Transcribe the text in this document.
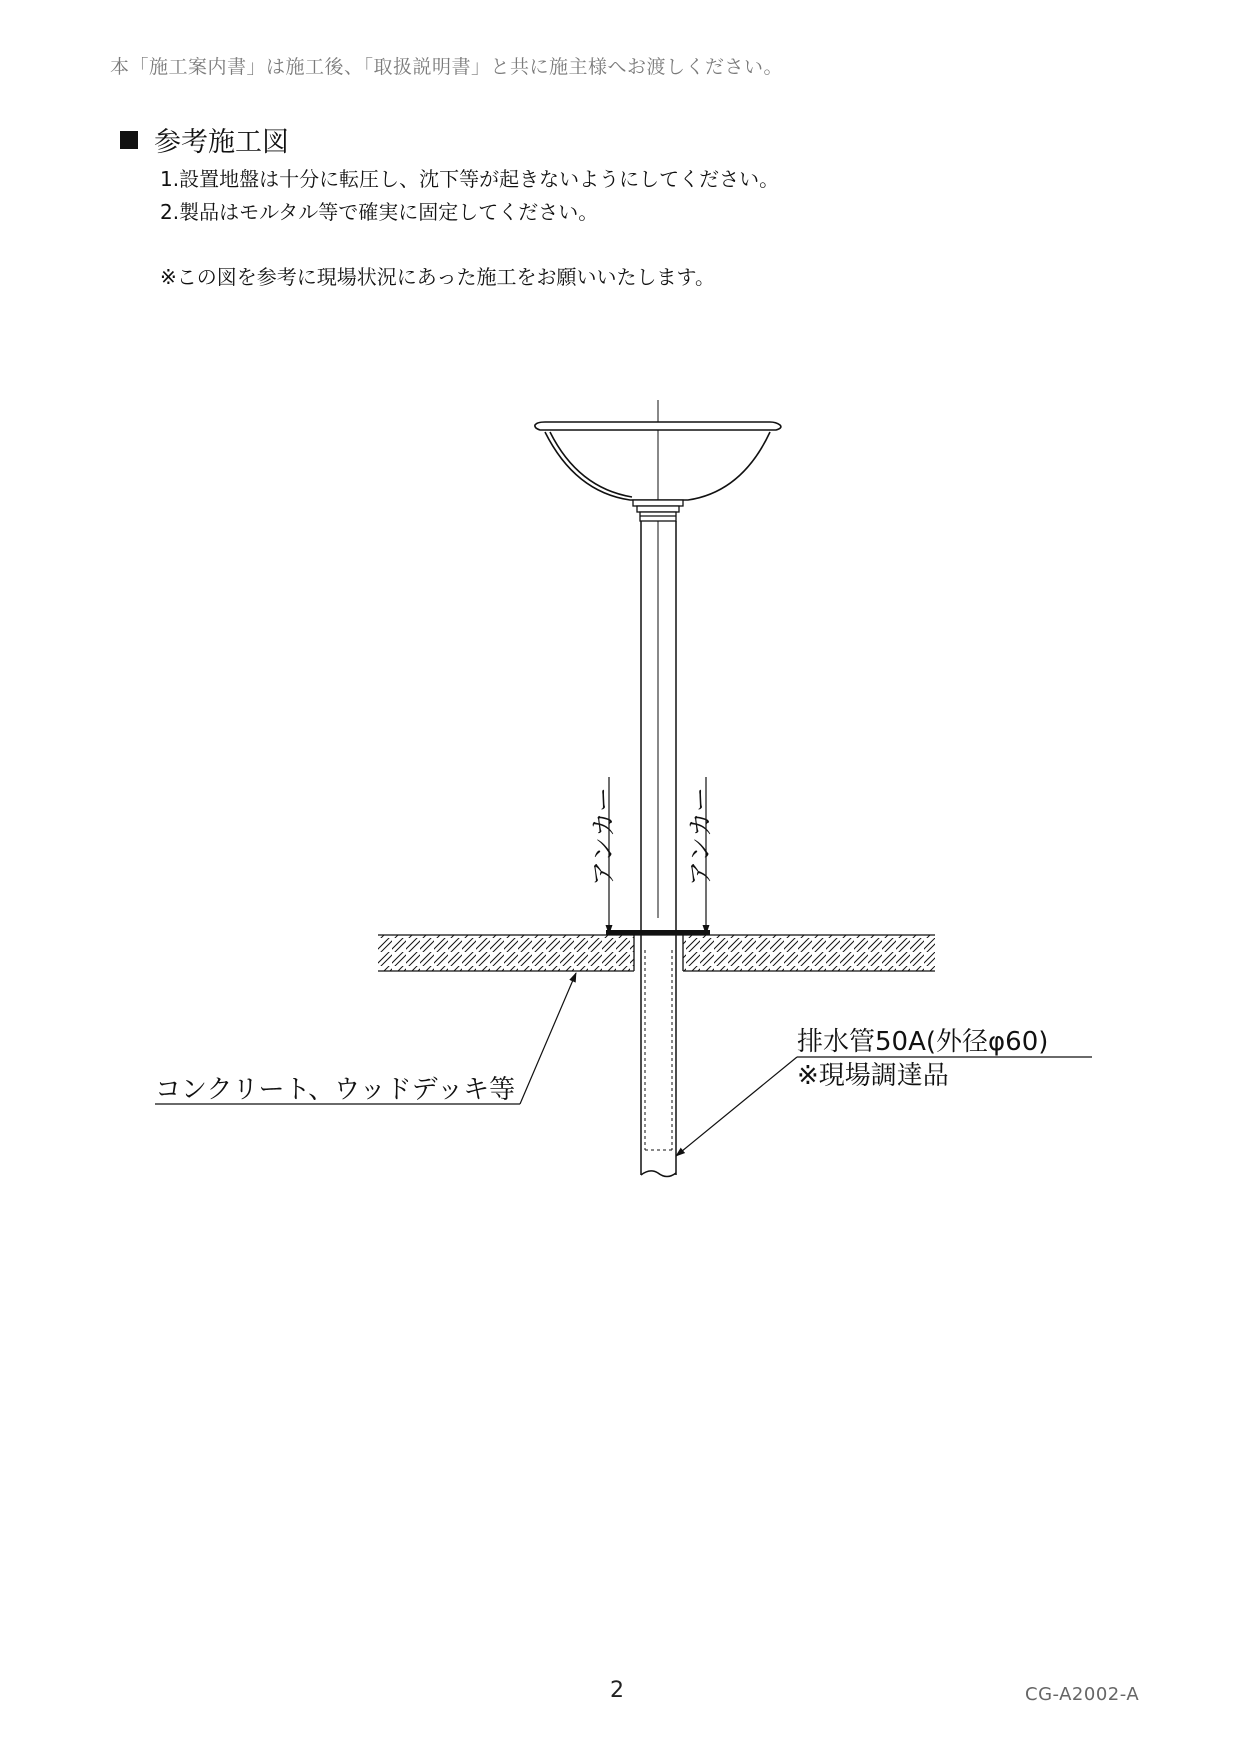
本「施工案内書」は施工後、「取扱説明書」と共に施主様へお渡しください。
参考施工図
1.設置地盤は十分に転圧し、沈下等が起きないようにしてください。
2.製品はモルタル等で確実に固定してください。
※この図を参考に現場状況にあった施工をお願いいたします。
アンカー	アンカー
コンクリート、ウッドデッキ等
排水管50A(外径φ60)
※現場調達品
2	CG-A2002-A
